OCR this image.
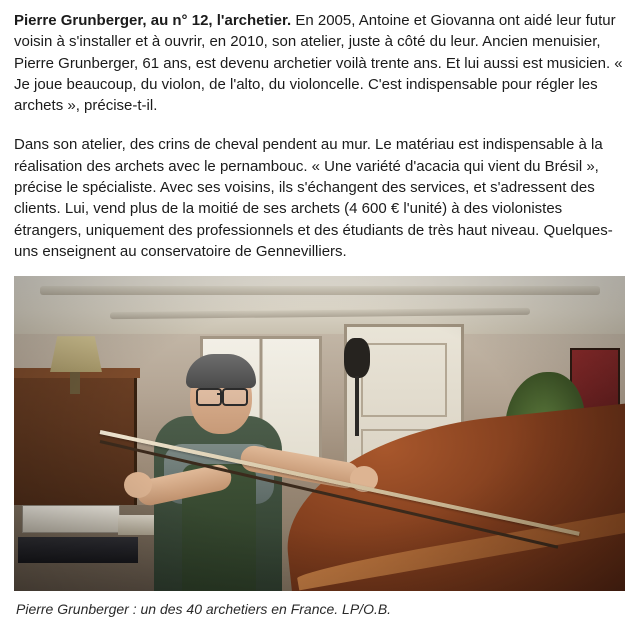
Pierre Grunberger, au n° 12, l'archetier. En 2005, Antoine et Giovanna ont aidé leur futur voisin à s'installer et à ouvrir, en 2010, son atelier, juste à côté du leur. Ancien menuisier, Pierre Grunberger, 61 ans, est devenu archetier voilà trente ans. Et lui aussi est musicien. « Je joue beaucoup, du violon, de l'alto, du violoncelle. C'est indispensable pour régler les archets », précise-t-il.

Dans son atelier, des crins de cheval pendent au mur. Le matériau est indispensable à la réalisation des archets avec le pernambouc. « Une variété d'acacia qui vient du Brésil », précise le spécialiste. Avec ses voisins, ils s'échangent des services, et s'adressent des clients. Lui, vend plus de la moitié de ses archets (4 600 € l'unité) à des violonistes étrangers, uniquement des professionnels et des étudiants de très haut niveau. Quelques-uns enseignent au conservatoire de Gennevilliers.

Pierre Grunberger : un des 40 archetiers en France. LP/O.B.
